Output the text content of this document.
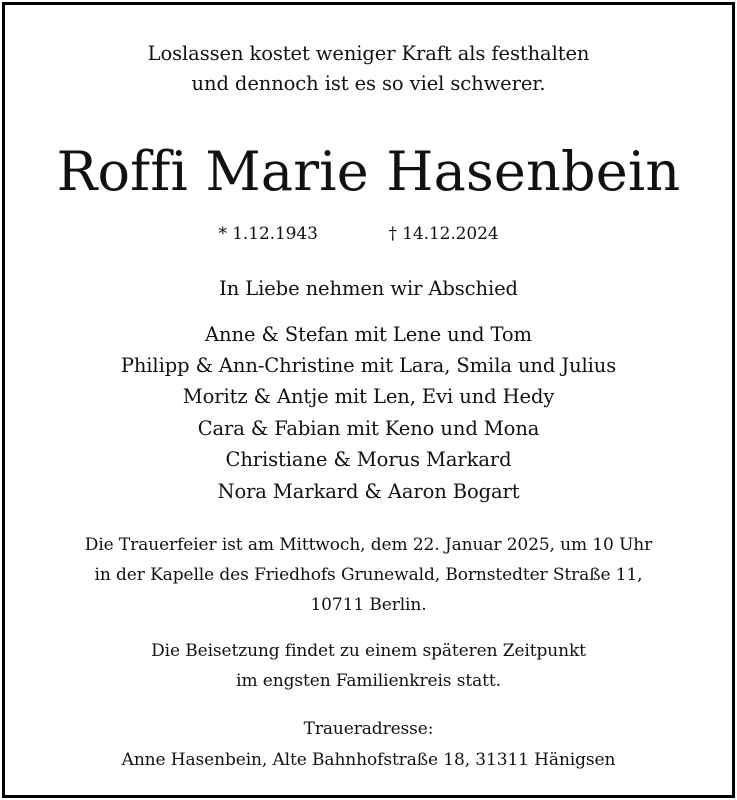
Loslassen kostet weniger Kraft als festhalten
und dennoch ist es so viel schwerer.
Roffi Marie Hasenbein
* 1.12.1943	† 14.12.2024
In Liebe nehmen wir Abschied
Anne & Stefan mit Lene und Tom
Philipp & Ann-Christine mit Lara, Smila und Julius
Moritz & Antje mit Len, Evi und Hedy
Cara & Fabian mit Keno und Mona
Christiane & Morus Markard
Nora Markard & Aaron Bogart
Die Trauerfeier ist am Mittwoch, dem 22. Januar 2025, um 10 Uhr
in der Kapelle des Friedhofs Grunewald, Bornstedter Straße 11,
10711 Berlin.
Die Beisetzung findet zu einem späteren Zeitpunkt
im engsten Familienkreis statt.
Traueradresse:
Anne Hasenbein, Alte Bahnhofstraße 18, 31311 Hänigsen
